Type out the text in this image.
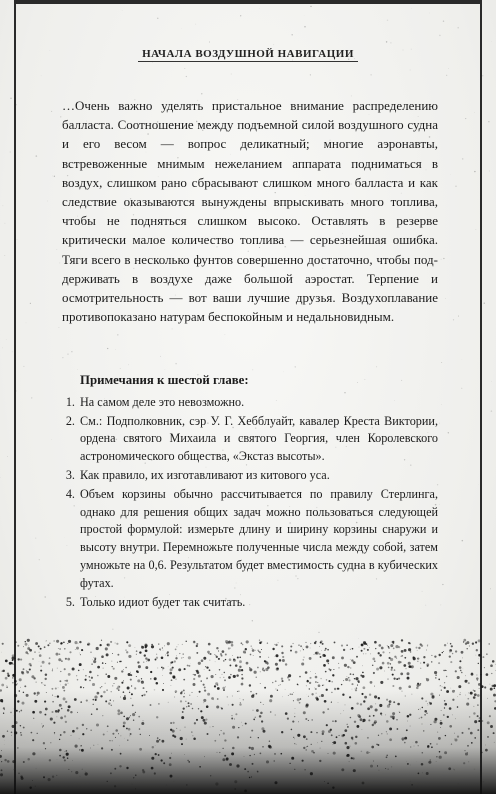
НАЧАЛА ВОЗДУШНОЙ НАВИГАЦИИ
…Очень важно уделять пристальное внимание распределению балласта. Соотношение между подъемной силой воздушного судна и его весом — вопрос деликатный; многие аэронавты, встревоженные мнимым нежеланием аппарата подниматься в воздух, слишком рано сбрасывают слишком много балласта и как следствие оказываются вынуждены впрыскивать много топлива, чтобы не подняться слишком высоко. Оставлять в резерве критически малое количество топлива — серьезнейшая ошибка. Тяги всего в несколько фунтов совершенно достаточно, чтобы поддерживать в воздухе даже большой аэростат. Терпение и осмотрительность — вот ваши лучшие друзья. Воздухоплавание противопоказано натурам беспокойным и недальновидным.
Примечания к шестой главе:
1. На самом деле это невозможно.
2. См.: Подполковник, сэр У. Г. Хебблуайт, кавалер Креста Виктории, ордена святого Михаила и святого Георгия, член Королевского астрономического общества, «Экстаз высоты».
3. Как правило, их изготавливают из китового уса.
4. Объем корзины обычно рассчитывается по правилу Стерлинга, однако для решения общих задач можно пользоваться следующей простой формулой: измерьте длину и ширину корзины снаружи и высоту внутри. Перемножьте полученные числа между собой, затем умножьте на 0,6. Результатом будет вместимость судна в кубических футах.
5. Только идиот будет так считать.
